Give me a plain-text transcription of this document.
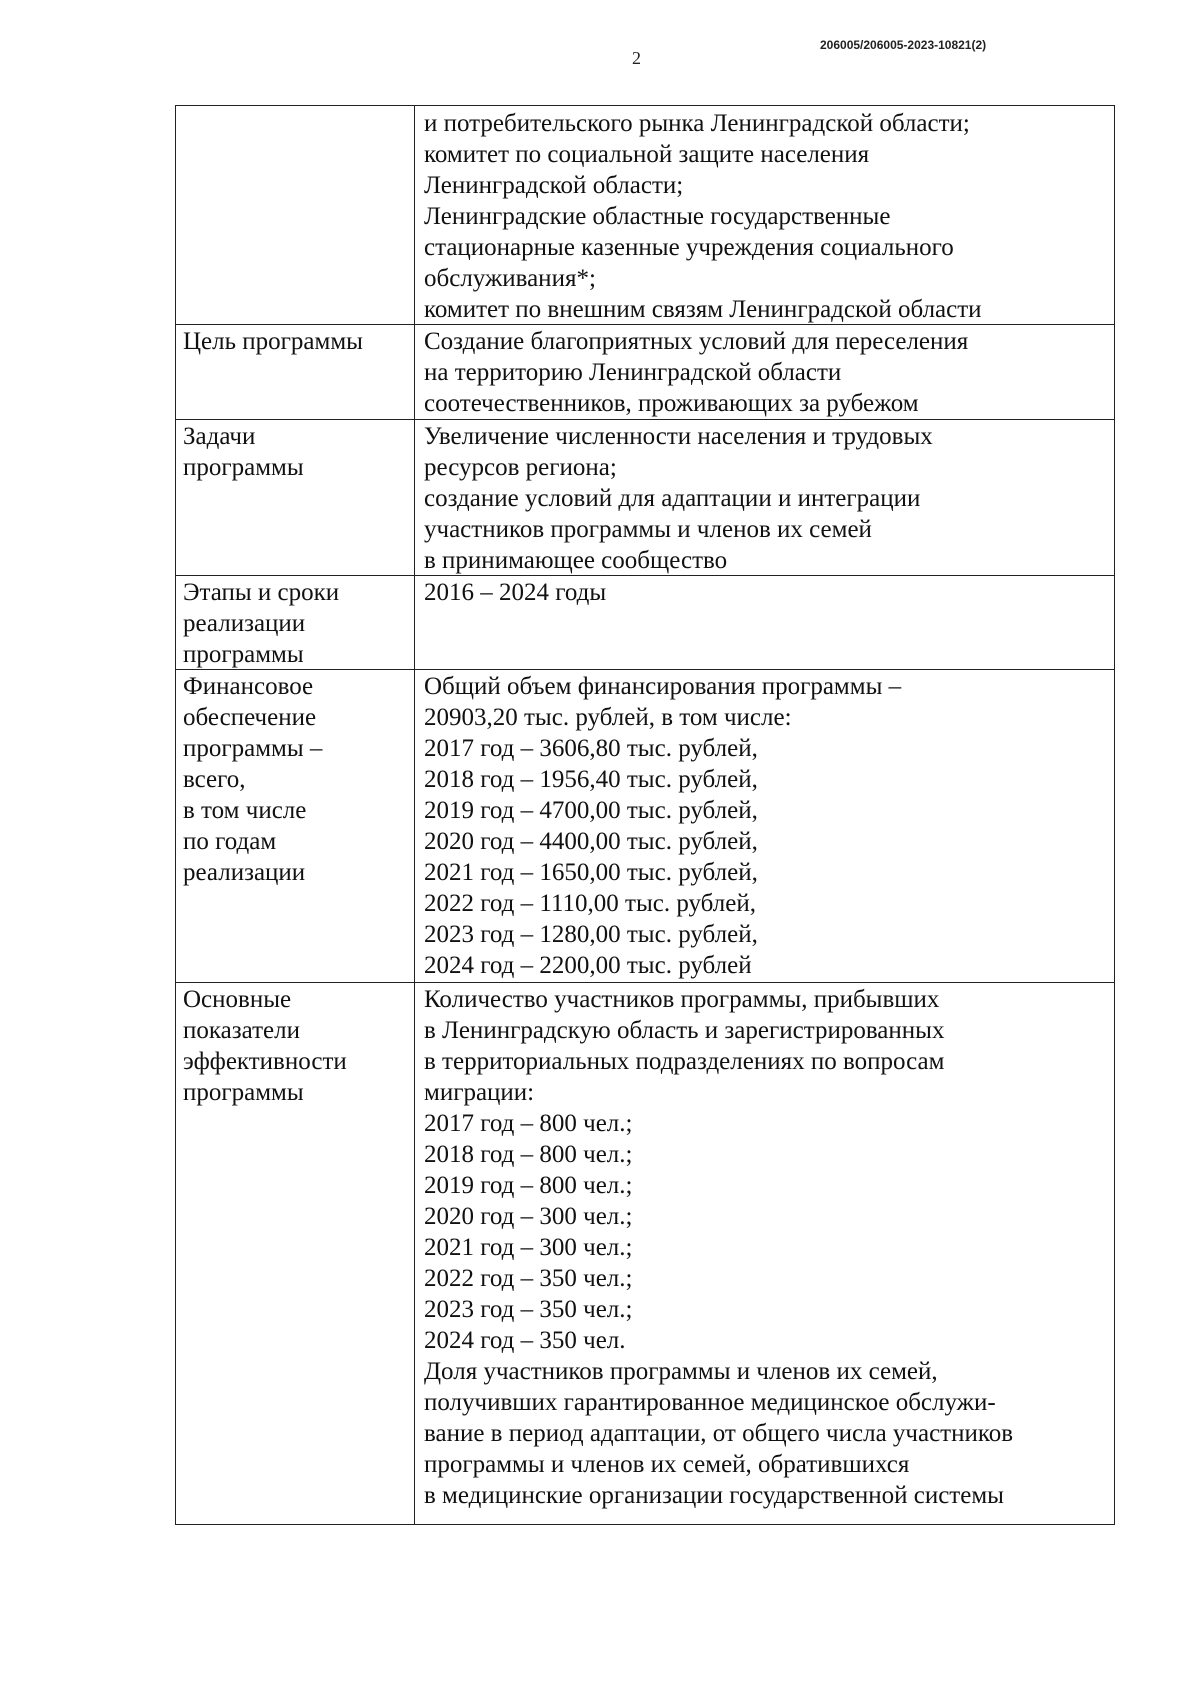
206005/206005-2023-10821(2)
2
и потребительского рынка Ленинградской области;
комитет по социальной защите населения
Ленинградской области;
Ленинградские областные государственные
стационарные казенные учреждения социального
обслуживания*;
комитет по внешним связям Ленинградской области
Цель программы	Создание благоприятных условий для переселения
на территорию Ленинградской области
соотечественников, проживающих за рубежом
Задачи
программы
Увеличение численности населения и трудовых
ресурсов региона;
создание условий для адаптации и интеграции
участников программы и членов их семей
в принимающее сообщество
Этапы и сроки
реализации
программы
2016 – 2024 годы
Финансовое
обеспечение
программы –
всего,
в том числе
по годам
реализации
Общий объем финансирования программы –
20903,20 тыс. рублей, в том числе:
2017 год – 3606,80 тыс. рублей,
2018 год – 1956,40 тыс. рублей,
2019 год – 4700,00 тыс. рублей,
2020 год – 4400,00 тыс. рублей,
2021 год – 1650,00 тыс. рублей,
2022 год – 1110,00 тыс. рублей,
2023 год – 1280,00 тыс. рублей,
2024 год – 2200,00 тыс. рублей
Основные
показатели
эффективности
программы
Количество участников программы, прибывших
в Ленинградскую область и зарегистрированных
в территориальных подразделениях по вопросам
миграции:
2017 год – 800 чел.;
2018 год – 800 чел.;
2019 год – 800 чел.;
2020 год – 300 чел.;
2021 год – 300 чел.;
2022 год – 350 чел.;
2023 год – 350 чел.;
2024 год – 350 чел.
Доля участников программы и членов их семей,
получивших гарантированное медицинское обслужи-
вание в период адаптации, от общего числа участников
программы и членов их семей, обратившихся
в медицинские организации государственной системы
